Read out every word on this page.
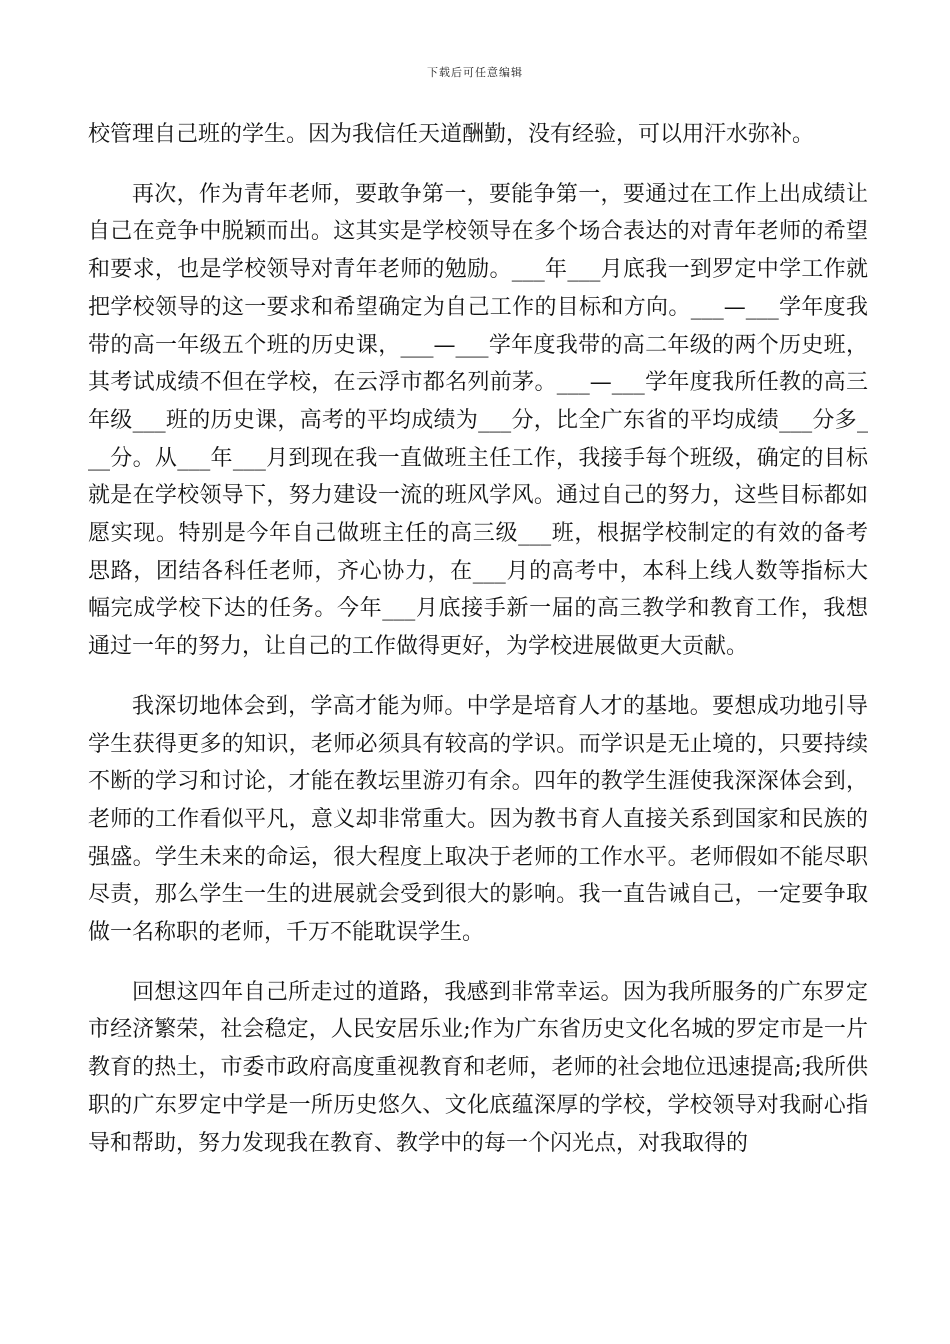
下载后可任意编辑

校管理自己班的学生。因为我信任天道酬勤，没有经验，可以用汗水弥补。

再次，作为青年老师，要敢争第一，要能争第一，要通过在工作上出成绩让自己在竞争中脱颖而出。这其实是学校领导在多个场合表达的对青年老师的希望和要求，也是学校领导对青年老师的勉励。___年___月底我一到罗定中学工作就把学校领导的这一要求和希望确定为自己工作的目标和方向。___—___学年度我带的高一年级五个班的历史课，___—___学年度我带的高二年级的两个历史班，其考试成绩不但在学校，在云浮市都名列前茅。___—___学年度我所任教的高三年级___班的历史课，高考的平均成绩为___分，比全广东省的平均成绩___分多___分。从___年___月到现在我一直做班主任工作，我接手每个班级，确定的目标就是在学校领导下，努力建设一流的班风学风。通过自己的努力，这些目标都如愿实现。特别是今年自己做班主任的高三级___班，根据学校制定的有效的备考思路，团结各科任老师，齐心协力，在___月的高考中，本科上线人数等指标大幅完成学校下达的任务。今年___月底接手新一届的高三教学和教育工作，我想通过一年的努力，让自己的工作做得更好，为学校进展做更大贡献。

我深切地体会到，学高才能为师。中学是培育人才的基地。要想成功地引导学生获得更多的知识，老师必须具有较高的学识。而学识是无止境的，只要持续不断的学习和讨论，才能在教坛里游刃有余。四年的教学生涯使我深深体会到，老师的工作看似平凡，意义却非常重大。因为教书育人直接关系到国家和民族的强盛。学生未来的命运，很大程度上取决于老师的工作水平。老师假如不能尽职尽责，那么学生一生的进展就会受到很大的影响。我一直告诫自己，一定要争取做一名称职的老师，千万不能耽误学生。

回想这四年自己所走过的道路，我感到非常幸运。因为我所服务的广东罗定市经济繁荣，社会稳定，人民安居乐业;作为广东省历史文化名城的罗定市是一片教育的热土，市委市政府高度重视教育和老师，老师的社会地位迅速提高;我所供职的广东罗定中学是一所历史悠久、文化底蕴深厚的学校，学校领导对我耐心指导和帮助，努力发现我在教育、教学中的每一个闪光点，对我取得的
